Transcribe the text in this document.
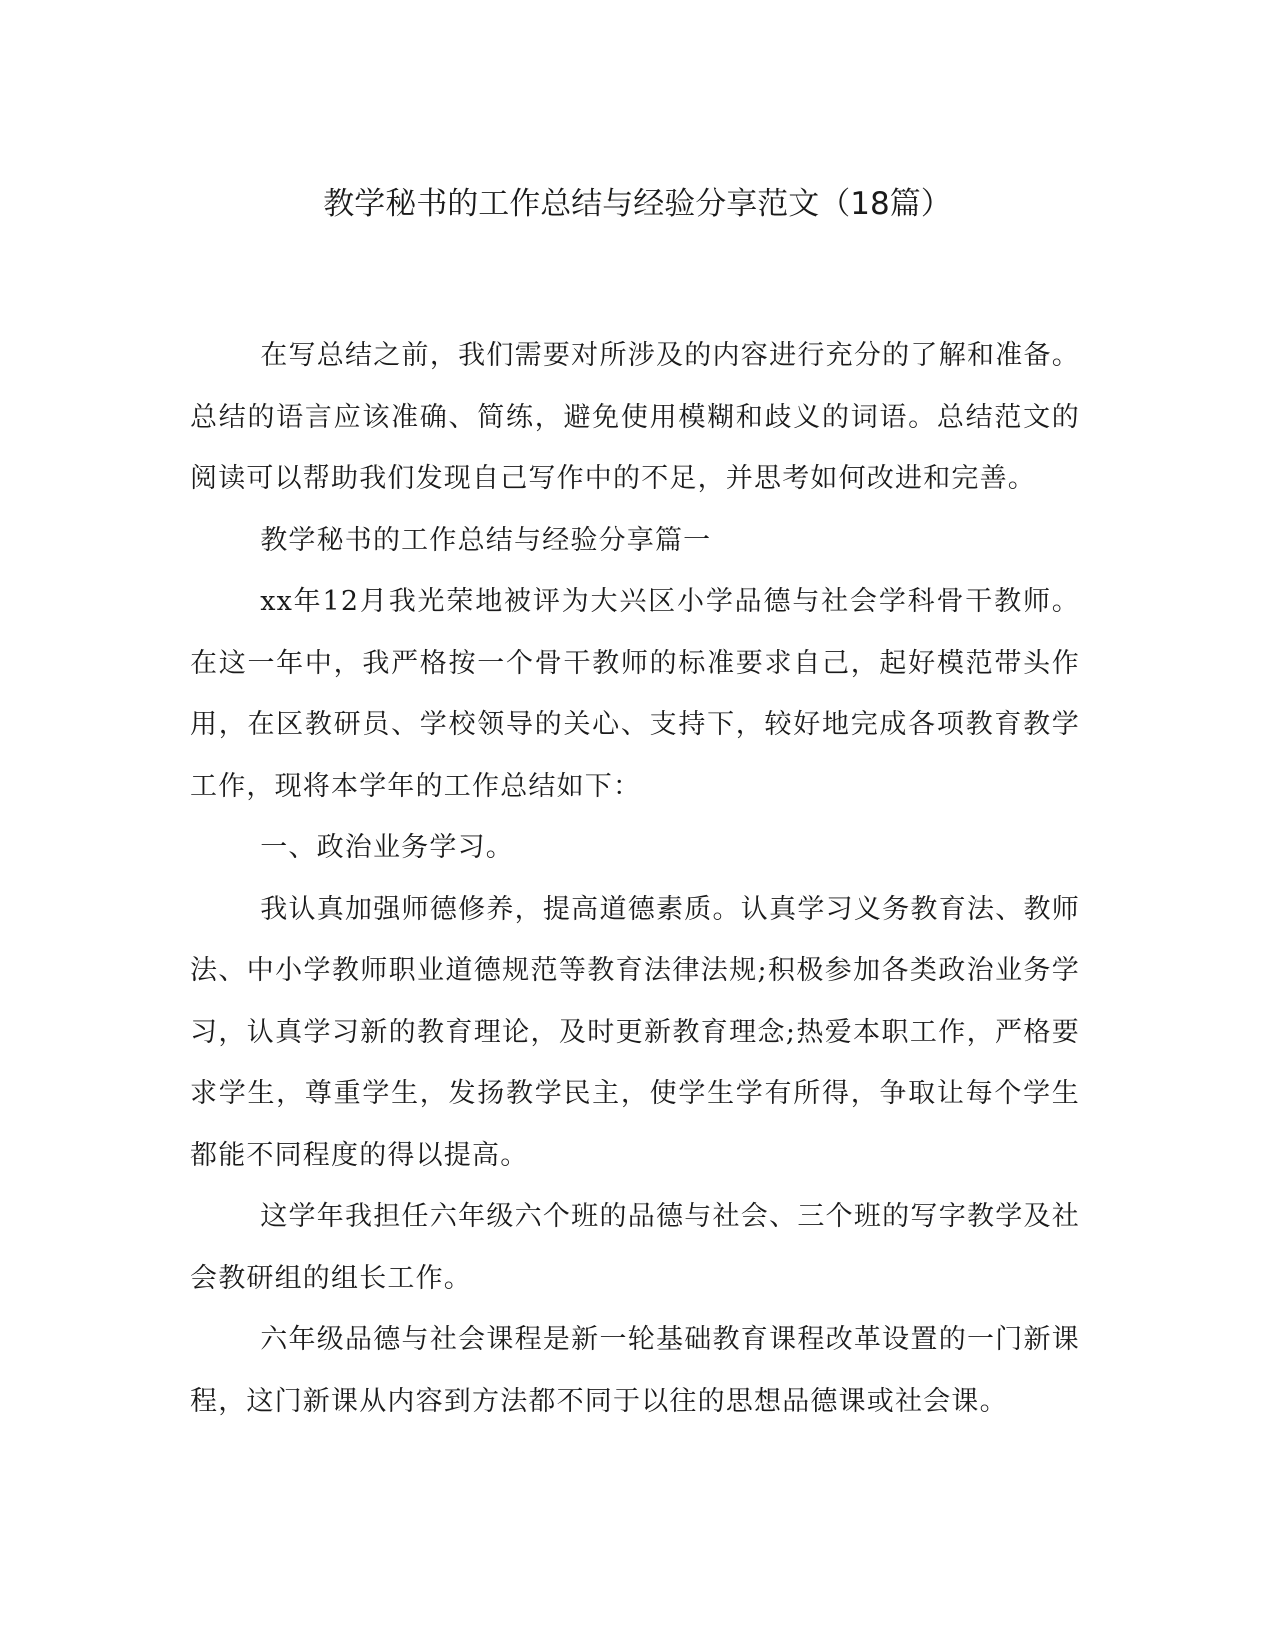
教学秘书的工作总结与经验分享范文（18篇）

在写总结之前，我们需要对所涉及的内容进行充分的了解和准备。总结的语言应该准确、简练，避免使用模糊和歧义的词语。总结范文的阅读可以帮助我们发现自己写作中的不足，并思考如何改进和完善。

教学秘书的工作总结与经验分享篇一

xx年12月我光荣地被评为大兴区小学品德与社会学科骨干教师。在这一年中，我严格按一个骨干教师的标准要求自己，起好模范带头作用，在区教研员、学校领导的关心、支持下，较好地完成各项教育教学工作，现将本学年的工作总结如下：

一、政治业务学习。

我认真加强师德修养，提高道德素质。认真学习义务教育法、教师法、中小学教师职业道德规范等教育法律法规;积极参加各类政治业务学习，认真学习新的教育理论，及时更新教育理念;热爱本职工作，严格要求学生，尊重学生，发扬教学民主，使学生学有所得，争取让每个学生都能不同程度的得以提高。

这学年我担任六年级六个班的品德与社会、三个班的写字教学及社会教研组的组长工作。

六年级品德与社会课程是新一轮基础教育课程改革设置的一门新课程，这门新课从内容到方法都不同于以往的思想品德课或社会课。
